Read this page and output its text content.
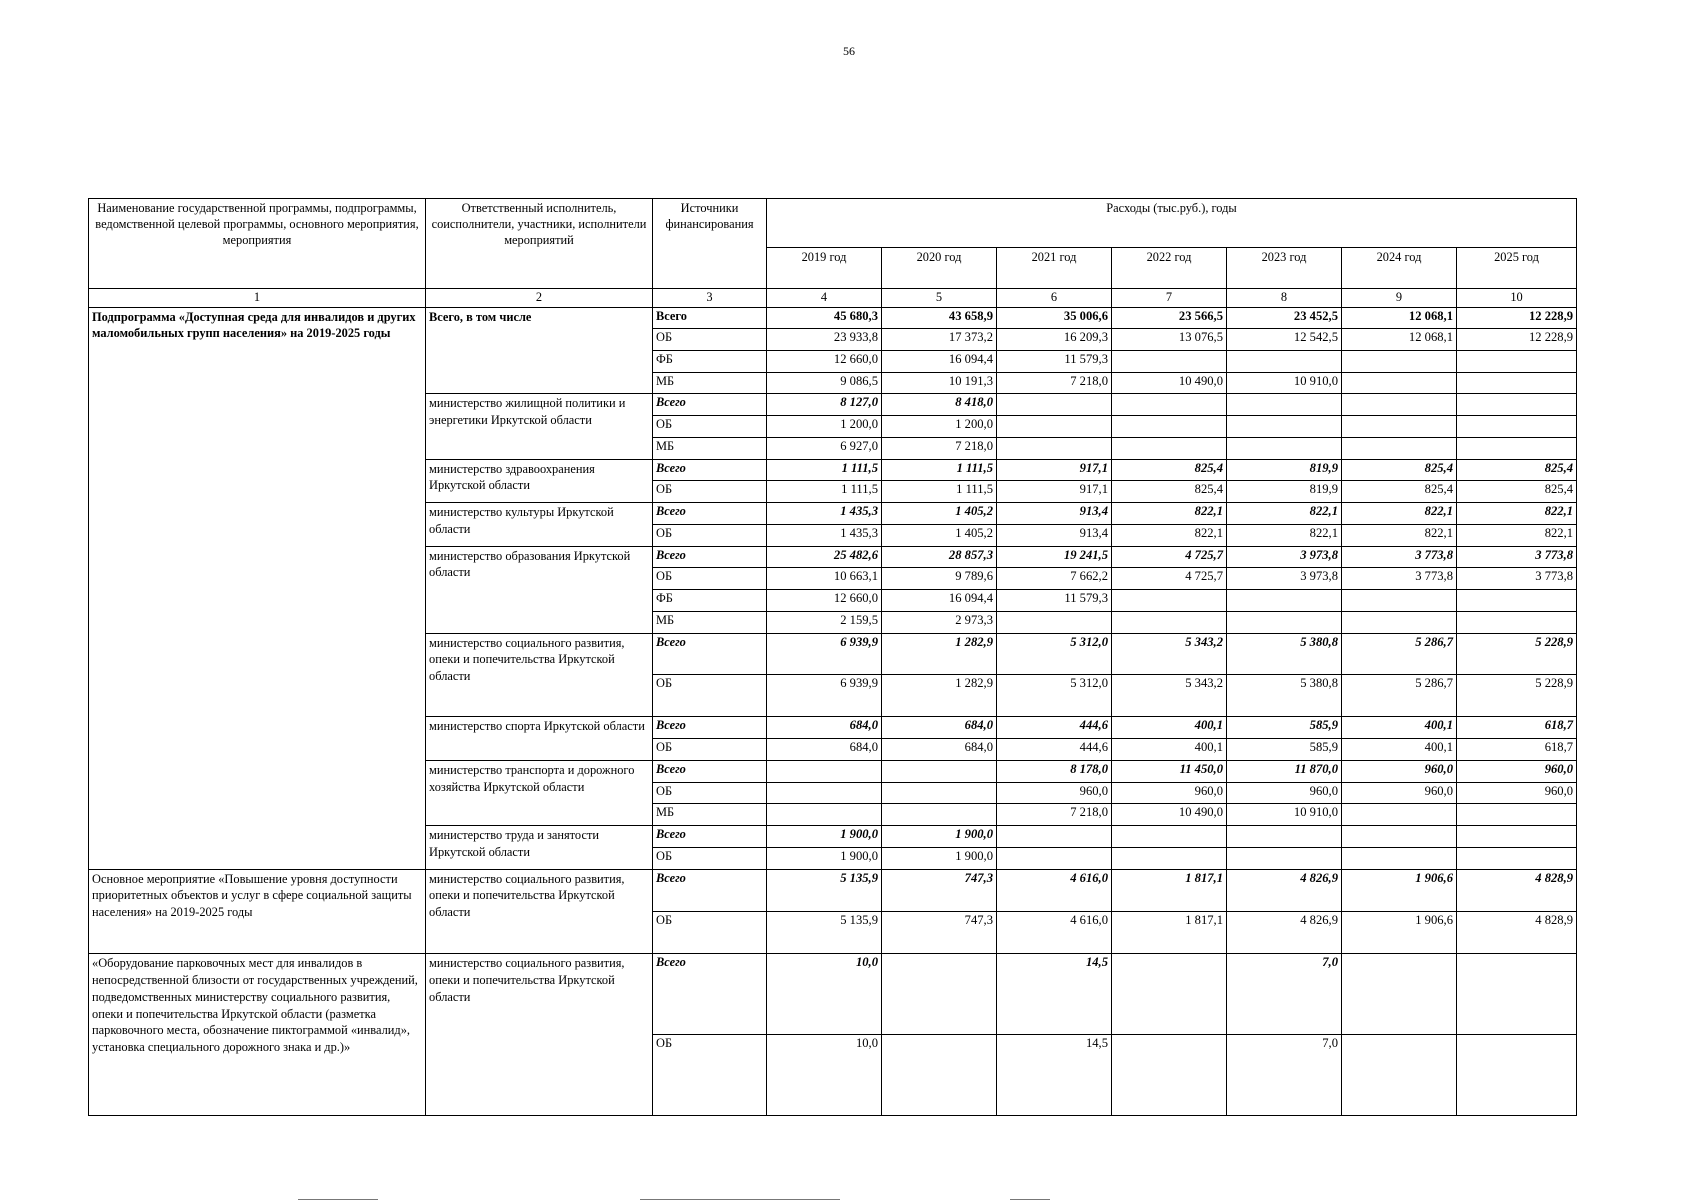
56
Наименование государственной программы, подпрограммы, ведомственной целевой программы, основного мероприятия, мероприятия	Ответственный исполнитель, соисполнители, участники, исполнители мероприятий	Источники финансирования	Расходы (тыс.руб.), годы						
			2019 год	2020 год	2021 год	2022 год	2023 год	2024 год	2025 год
1	2	3	4	5	6	7	8	9	10
Подпрограмма «Доступная среда для инвалидов и других маломобильных групп населения» на 2019-2025 годы	Всего, в том числе	Всего	45 680,3	43 658,9	35 006,6	23 566,5	23 452,5	12 068,1	12 228,9
		ОБ	23 933,8	17 373,2	16 209,3	13 076,5	12 542,5	12 068,1	12 228,9
		ФБ	12 660,0	16 094,4	11 579,3				
		МБ	9 086,5	10 191,3	7 218,0	10 490,0	10 910,0		
	министерство жилищной политики и энергетики Иркутской области	Всего	8 127,0	8 418,0					
		ОБ	1 200,0	1 200,0					
		МБ	6 927,0	7 218,0					
	министерство здравоохранения Иркутской области	Всего	1 111,5	1 111,5	917,1	825,4	819,9	825,4	825,4
		ОБ	1 111,5	1 111,5	917,1	825,4	819,9	825,4	825,4
	министерство культуры Иркутской области	Всего	1 435,3	1 405,2	913,4	822,1	822,1	822,1	822,1
		ОБ	1 435,3	1 405,2	913,4	822,1	822,1	822,1	822,1
	министерство образования Иркутской области	Всего	25 482,6	28 857,3	19 241,5	4 725,7	3 973,8	3 773,8	3 773,8
		ОБ	10 663,1	9 789,6	7 662,2	4 725,7	3 973,8	3 773,8	3 773,8
		ФБ	12 660,0	16 094,4	11 579,3				
		МБ	2 159,5	2 973,3					
	министерство социального развития, опеки и попечительства Иркутской области	Всего	6 939,9	1 282,9	5 312,0	5 343,2	5 380,8	5 286,7	5 228,9
		ОБ	6 939,9	1 282,9	5 312,0	5 343,2	5 380,8	5 286,7	5 228,9
	министерство спорта Иркутской области	Всего	684,0	684,0	444,6	400,1	585,9	400,1	618,7
		ОБ	684,0	684,0	444,6	400,1	585,9	400,1	618,7
	министерство транспорта и дорожного хозяйства Иркутской области	Всего			8 178,0	11 450,0	11 870,0	960,0	960,0
		ОБ			960,0	960,0	960,0	960,0	960,0
		МБ			7 218,0	10 490,0	10 910,0		
	министерство труда и занятости Иркутской области	Всего	1 900,0	1 900,0					
		ОБ	1 900,0	1 900,0					
Основное мероприятие «Повышение уровня доступности приоритетных объектов и услуг в сфере социальной защиты населения» на 2019-2025 годы	министерство социального развития, опеки и попечительства Иркутской области	Всего	5 135,9	747,3	4 616,0	1 817,1	4 826,9	1 906,6	4 828,9
		ОБ	5 135,9	747,3	4 616,0	1 817,1	4 826,9	1 906,6	4 828,9
«Оборудование парковочных мест для инвалидов в непосредственной близости от государственных учреждений, подведомственных министерству социального развития, опеки и попечительства Иркутской области (разметка парковочного места, обозначение пиктограммой «инвалид», установка специального дорожного знака и др.)»	министерство социального развития, опеки и попечительства Иркутской области	Всего	10,0		14,5		7,0		
		ОБ	10,0		14,5		7,0		
